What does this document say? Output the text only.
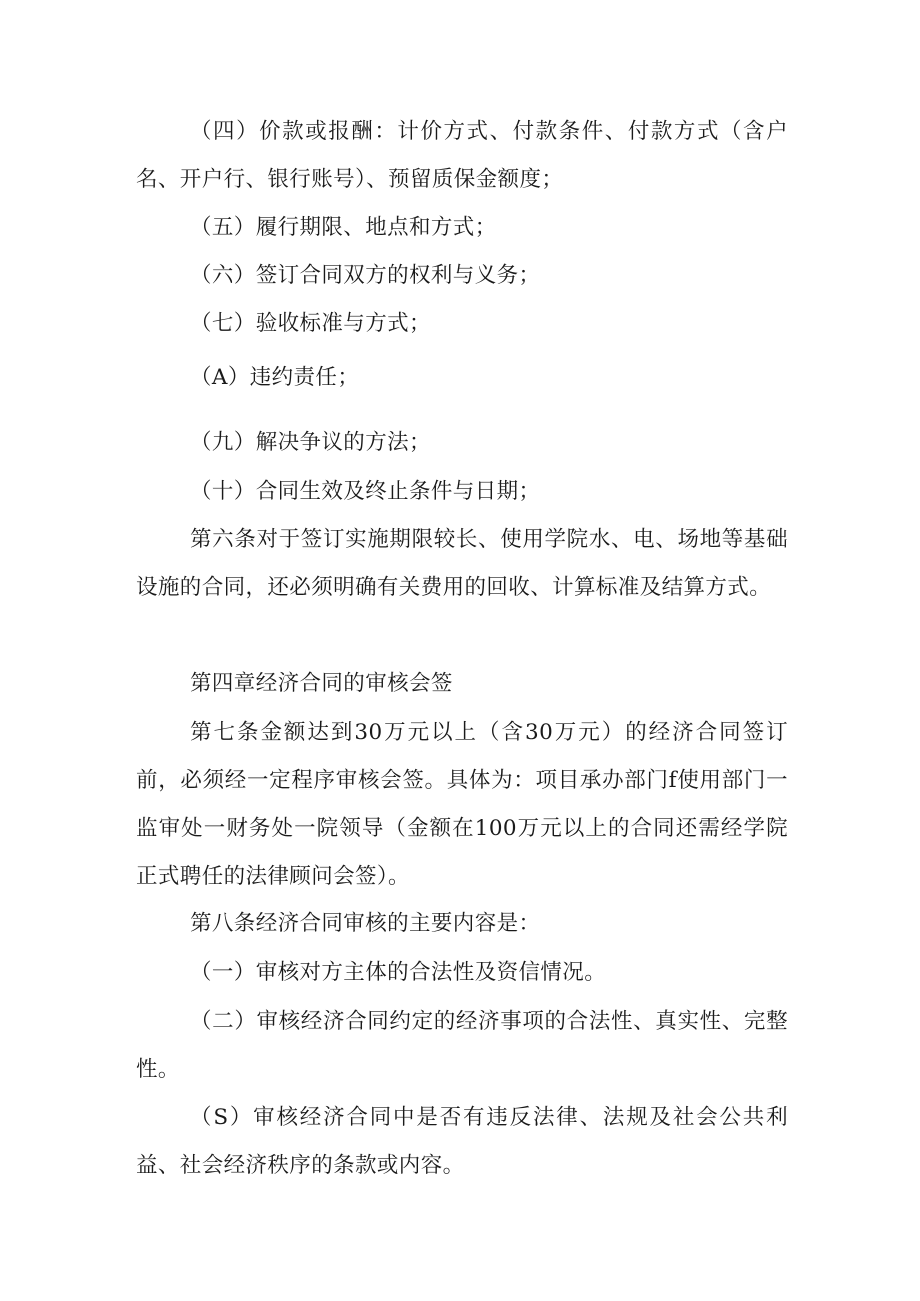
（四）价款或报酬：计价方式、付款条件、付款方式（含户名、开户行、银行账号）、预留质保金额度；

（五）履行期限、地点和方式；

（六）签订合同双方的权利与义务；

（七）验收标准与方式；

（A）违约责任；

（九）解决争议的方法；

（十）合同生效及终止条件与日期；

第六条对于签订实施期限较长、使用学院水、电、场地等基础设施的合同，还必须明确有关费用的回收、计算标准及结算方式。

第四章经济合同的审核会签

第七条金额达到30万元以上（含30万元）的经济合同签订前，必须经一定程序审核会签。具体为：项目承办部门f使用部门一监审处一财务处一院领导（金额在100万元以上的合同还需经学院正式聘任的法律顾问会签）。

第八条经济合同审核的主要内容是：

（一）审核对方主体的合法性及资信情况。

（二）审核经济合同约定的经济事项的合法性、真实性、完整性。

（S）审核经济合同中是否有违反法律、法规及社会公共利益、社会经济秩序的条款或内容。
